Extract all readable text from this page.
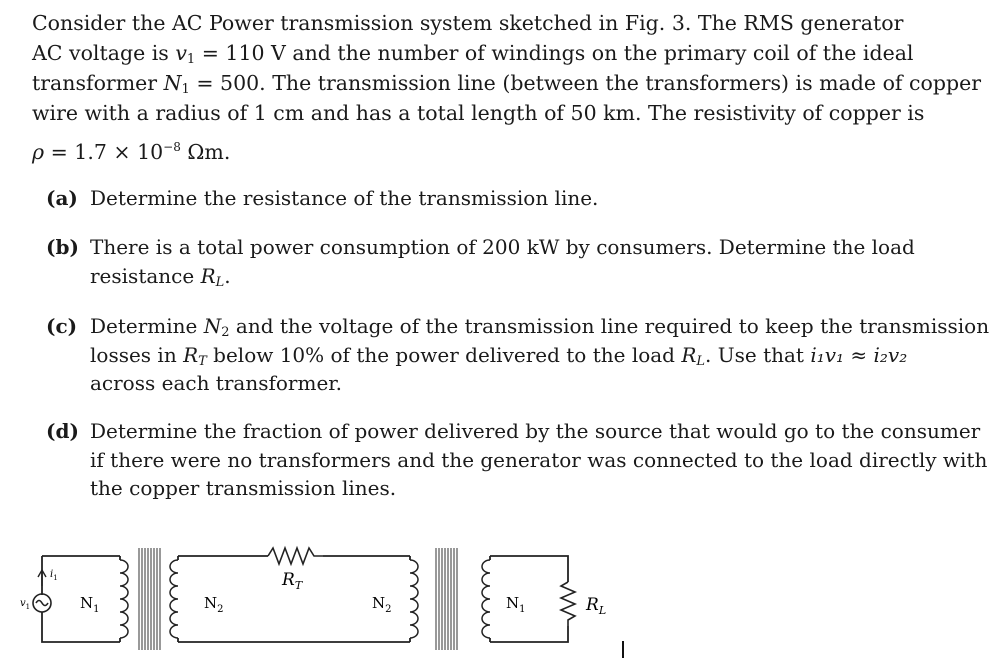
Consider the AC Power transmission system sketched in Fig. 3. The RMS generator
AC voltage is $v_1 = 110$ V and the number of windings on the primary coil of the ideal
transformer $N_1 = 500$. The transmission line (between the transformers) is made of copper
wire with a radius of 1 cm and has a total length of 50 km. The resistivity of copper is
$\rho = 1.7 \times 10^{-8}$ Ωm.
(a) Determine the resistance of the transmission line.
(b) There is a total power consumption of 200 kW by consumers. Determine the load
resistance $R_L$.
(c) Determine $N_2$ and the voltage of the transmission line required to keep the transmission
losses in $R_T$ below 10% of the power delivered to the load $R_L$. Use that i₁v₁ ≈ i₂v₂
across each transformer.
(d) Determine the fraction of power delivered by the source that would go to the consumer
if there were no transformers and the generator was connected to the load directly with
the copper transmission lines.
$v_1$
$i_1$
$N_1$	$N_2$	$N_2$	$N_1$
$R_T$
$R_L$
